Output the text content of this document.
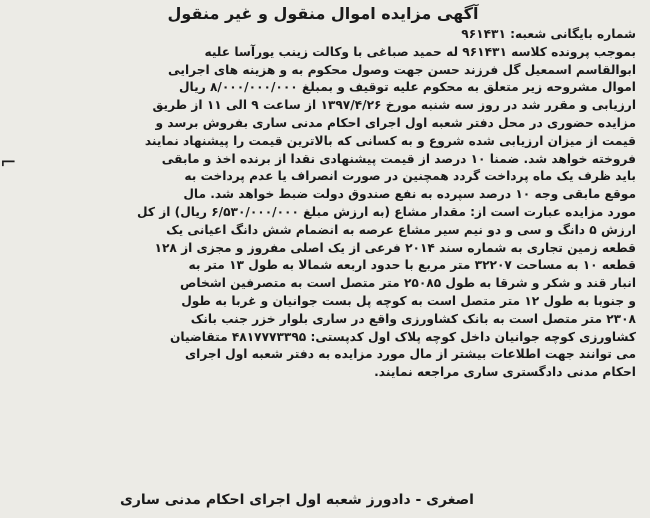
آگهی مزایده اموال منقول و غیر منقول
شماره بایگانی شعبه: ۹۶۱۴۳۱
بموجب پرونده کلاسه ۹۶۱۴۳۱ له حمید صباغی با وکالت زینب یورآسا علیه
ابوالقاسم اسمعیل گل فرزند حسن جهت وصول محکوم به و هزینه های اجرایی
اموال مشروحه زیر متعلق به محکوم علیه توقیف و بمبلغ ۸/۰۰۰/۰۰۰/۰۰۰ ریال
ارزیابی و مقرر شد در روز سه شنبه مورخ ۱۳۹۷/۴/۲۶ از ساعت ۹ الی ۱۱ از طریق
مزایده حضوری در محل دفتر شعبه اول اجرای احکام مدنی ساری بفروش برسد و
قیمت از میزان ارزیابی شده شروع و به کسانی که بالاترین قیمت را پیشنهاد نمایند
فروخته خواهد شد. ضمنا ۱۰ درصد از قیمت پیشنهادی نقدا از برنده اخذ و مابقی
باید ظرف یک ماه پرداخت گردد همچنین در صورت انصراف یا عدم پرداخت به
موقع مابقی وجه ۱۰ درصد سپرده به نفع صندوق دولت ضبط خواهد شد. مال
مورد مزایده عبارت است از: مقدار مشاع (به ارزش مبلغ ۶/۵۳۰/۰۰۰/۰۰۰ ریال) از کل
ارزش ۵ دانگ و سی و دو نیم سیر مشاع عرصه به انضمام شش دانگ اعیانی یک
قطعه زمین تجاری به شماره سند ۲۰۱۴ فرعی از یک اصلی مفروز و مجزی از ۱۲۸
قطعه ۱۰ به مساحت ۳۲۲۰۷ متر مربع با حدود اربعه شمالا به طول ۱۳ متر به
انبار قند و شکر و شرقا به طول ۲۵۰۸۵ متر متصل است به متصرفین اشخاص
و جنوبا به طول ۱۲ متر متصل است به کوچه پل بست جوانیان و غربا به طول
۲۳۰۸ متر متصل است به بانک کشاورزی واقع در ساری بلوار خزر جنب بانک
کشاورزی کوچه جوانیان داخل کوچه پلاک اول کدپستی: ۴۸۱۷۷۷۳۳۹۵ متقاضیان
می توانند جهت اطلاعات بیشتر از مال مورد مزایده به دفتر شعبه اول اجرای
احکام مدنی دادگستری ساری مراجعه نمایند.
اصغری - دادورز شعبه اول اجرای احکام مدنی ساری
⌐
